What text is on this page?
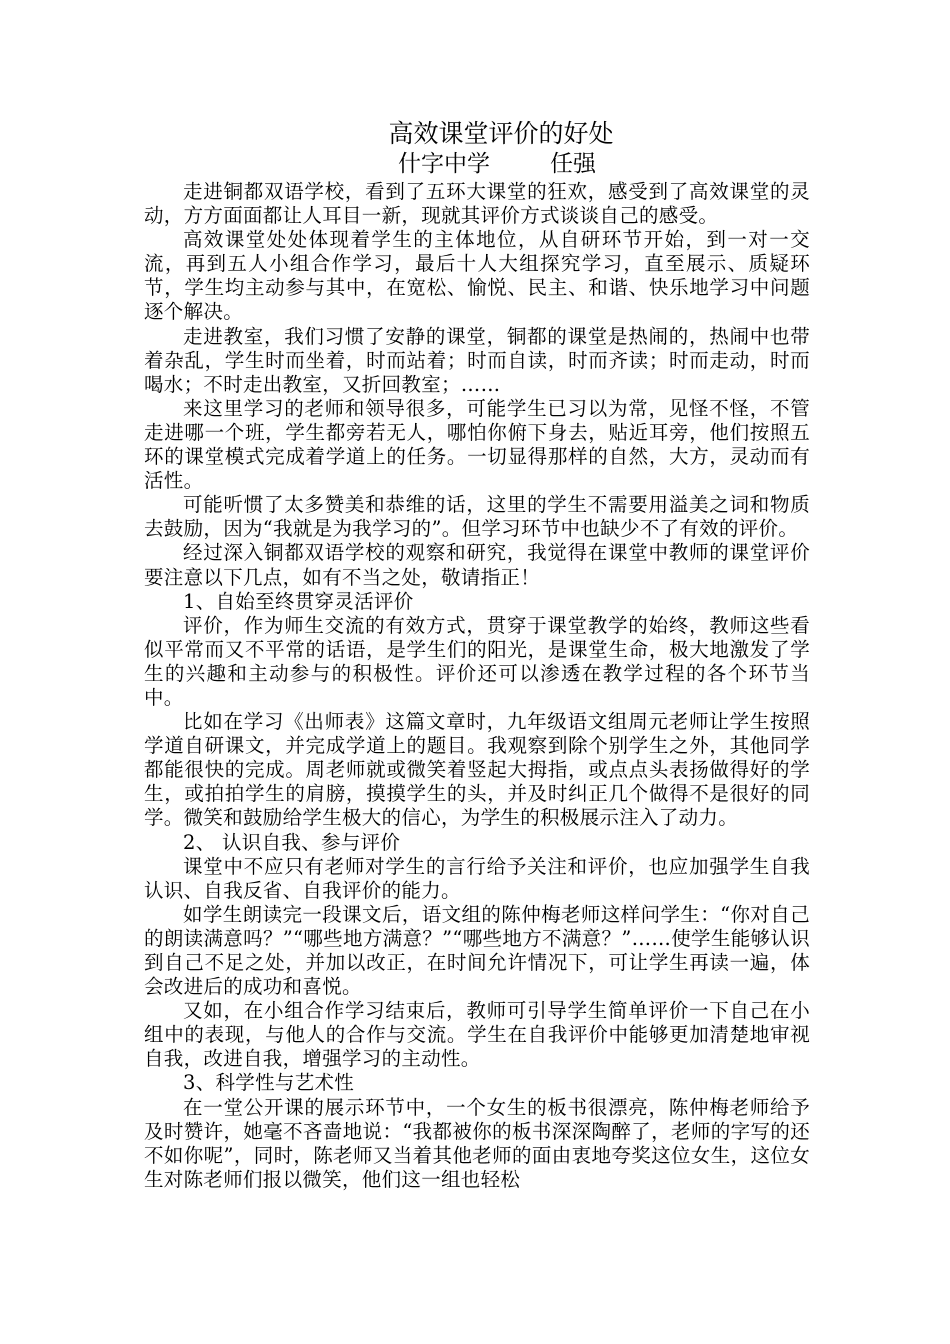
高效课堂评价的好处
什字中学	任强

走进铜都双语学校，看到了五环大课堂的狂欢，感受到了高效课堂的灵动，方方面面都让人耳目一新，现就其评价方式谈谈自己的感受。

高效课堂处处体现着学生的主体地位，从自研环节开始，到一对一交流，再到五人小组合作学习，最后十人大组探究学习，直至展示、质疑环节，学生均主动参与其中，在宽松、愉悦、民主、和谐、快乐地学习中问题逐个解决。

走进教室，我们习惯了安静的课堂，铜都的课堂是热闹的，热闹中也带着杂乱，学生时而坐着，时而站着；时而自读，时而齐读；时而走动，时而喝水；不时走出教室，又折回教室；……

来这里学习的老师和领导很多，可能学生已习以为常，见怪不怪，不管走进哪一个班，学生都旁若无人，哪怕你俯下身去，贴近耳旁，他们按照五环的课堂模式完成着学道上的任务。一切显得那样的自然，大方，灵动而有活性。

可能听惯了太多赞美和恭维的话，这里的学生不需要用溢美之词和物质去鼓励，因为“我就是为我学习的”。但学习环节中也缺少不了有效的评价。

经过深入铜都双语学校的观察和研究，我觉得在课堂中教师的课堂评价要注意以下几点，如有不当之处，敬请指正！

1、自始至终贯穿灵活评价

评价，作为师生交流的有效方式，贯穿于课堂教学的始终，教师这些看似平常而又不平常的话语，是学生们的阳光，是课堂生命，极大地激发了学生的兴趣和主动参与的积极性。评价还可以渗透在教学过程的各个环节当中。

比如在学习《出师表》这篇文章时，九年级语文组周元老师让学生按照学道自研课文，并完成学道上的题目。我观察到除个别学生之外，其他同学都能很快的完成。周老师就或微笑着竖起大拇指，或点点头表扬做得好的学生，或拍拍学生的肩膀，摸摸学生的头，并及时纠正几个做得不是很好的同学。微笑和鼓励给学生极大的信心，为学生的积极展示注入了动力。

2、 认识自我、参与评价

课堂中不应只有老师对学生的言行给予关注和评价，也应加强学生自我认识、自我反省、自我评价的能力。

如学生朗读完一段课文后，语文组的陈仲梅老师这样问学生：“你对自己的朗读满意吗？”“哪些地方满意？”“哪些地方不满意？”……使学生能够认识到自己不足之处，并加以改正，在时间允许情况下，可让学生再读一遍，体会改进后的成功和喜悦。

又如，在小组合作学习结束后，教师可引导学生简单评价一下自己在小组中的表现，与他人的合作与交流。学生在自我评价中能够更加清楚地审视自我，改进自我，增强学习的主动性。

3、科学性与艺术性

在一堂公开课的展示环节中，一个女生的板书很漂亮，陈仲梅老师给予及时赞许，她毫不吝啬地说：“我都被你的板书深深陶醉了，老师的字写的还不如你呢”，同时，陈老师又当着其他老师的面由衷地夸奖这位女生，这位女生对陈老师们报以微笑，他们这一组也轻松
